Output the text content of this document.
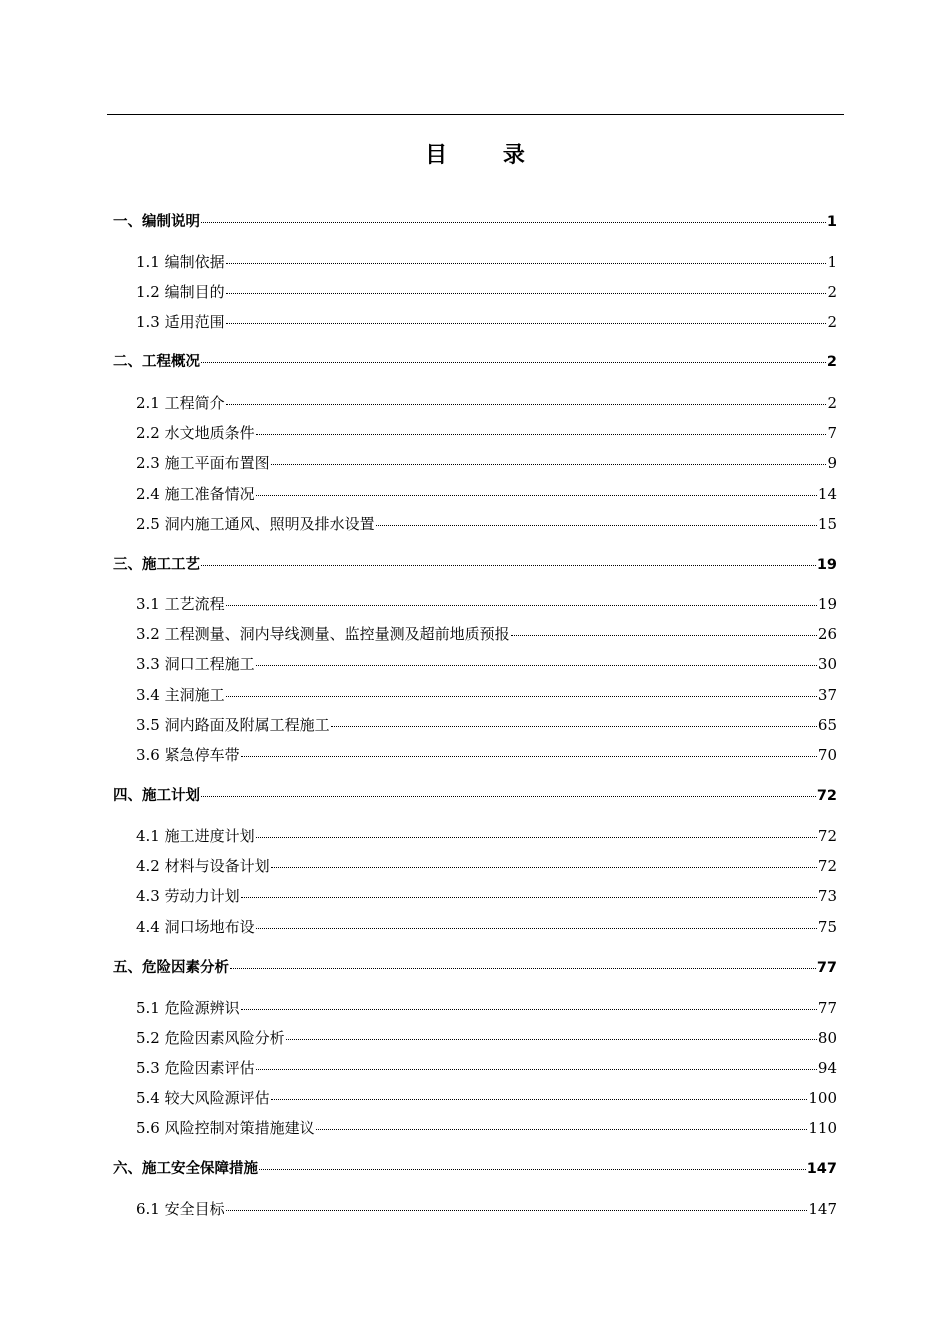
目 录
一、编制说明	1
1.1 编制依据	1
1.2 编制目的	2
1.3 适用范围	2
二、工程概况	2
2.1 工程简介	2
2.2 水文地质条件	7
2.3 施工平面布置图	9
2.4 施工准备情况	14
2.5 洞内施工通风、照明及排水设置	15
三、施工工艺	19
3.1 工艺流程	19
3.2 工程测量、洞内导线测量、监控量测及超前地质预报	26
3.3 洞口工程施工	30
3.4 主洞施工	37
3.5 洞内路面及附属工程施工	65
3.6 紧急停车带	70
四、施工计划	72
4.1 施工进度计划	72
4.2 材料与设备计划	72
4.3 劳动力计划	73
4.4 洞口场地布设	75
五、危险因素分析	77
5.1 危险源辨识	77
5.2 危险因素风险分析	80
5.3 危险因素评估	94
5.4 较大风险源评估	100
5.6 风险控制对策措施建议	110
六、施工安全保障措施	147
6.1 安全目标	147
